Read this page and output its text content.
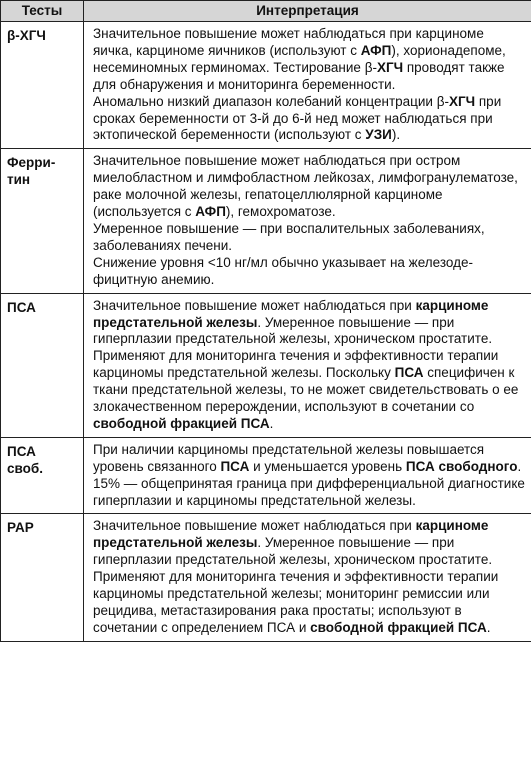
Тесты	Интерпретация

β-ХГЧ	Значительное повышение может наблюдаться при карциноме яичка, карциноме яичников (используют с АФП), хорионадепоме, несеминомных герминомах. Тестирование β-ХГЧ проводят также для обнаружения и мониторинга беременности.
Аномально низкий диапазон колебаний концентрации β-ХГЧ при сроках беременности от 3-й до 6-й нед может наблюдаться при эктопической беременности (используют с УЗИ).

Ферри-
тин	Значительное повышение может наблюдаться при остром миелобластном и лимфобластном лейкозах, лимфогранулематозе, раке молочной железы, гепатоцеллюлярной карциноме (используется с АФП), гемохроматозе.
Умеренное повышение — при воспалительных заболеваниях, заболеваниях печени.
Снижение уровня <10 нг/мл обычно указывает на железодефицитную анемию.

ПСА	Значительное повышение может наблюдаться при карциноме предстательной железы. Умеренное повышение — при гиперплазии предстательной железы, хроническом простатите.
Применяют для мониторинга течения и эффективности терапии карциномы предстательной железы. Поскольку ПСА специфичен к ткани предстательной железы, то не может свидетельствовать о ее злокачественном перерождении, используют в сочетании со свободной фракцией ПСА.

ПСА
своб.	При наличии карциномы предстательной железы повышается уровень связанного ПСА и уменьшается уровень ПСА свободного.
15% — общепринятая граница при дифференциальной диагностике гиперплазии и карциномы предстательной железы.

PAP	Значительное повышение может наблюдаться при карциноме предстательной железы. Умеренное повышение — при гиперплазии предстательной железы, хроническом простатите.
Применяют для мониторинга течения и эффективности терапии карциномы предстательной железы; мониторинг ремиссии или рецидива, метастазирования рака простаты; используют в сочетании с определением ПСА и свободной фракцией ПСА.
